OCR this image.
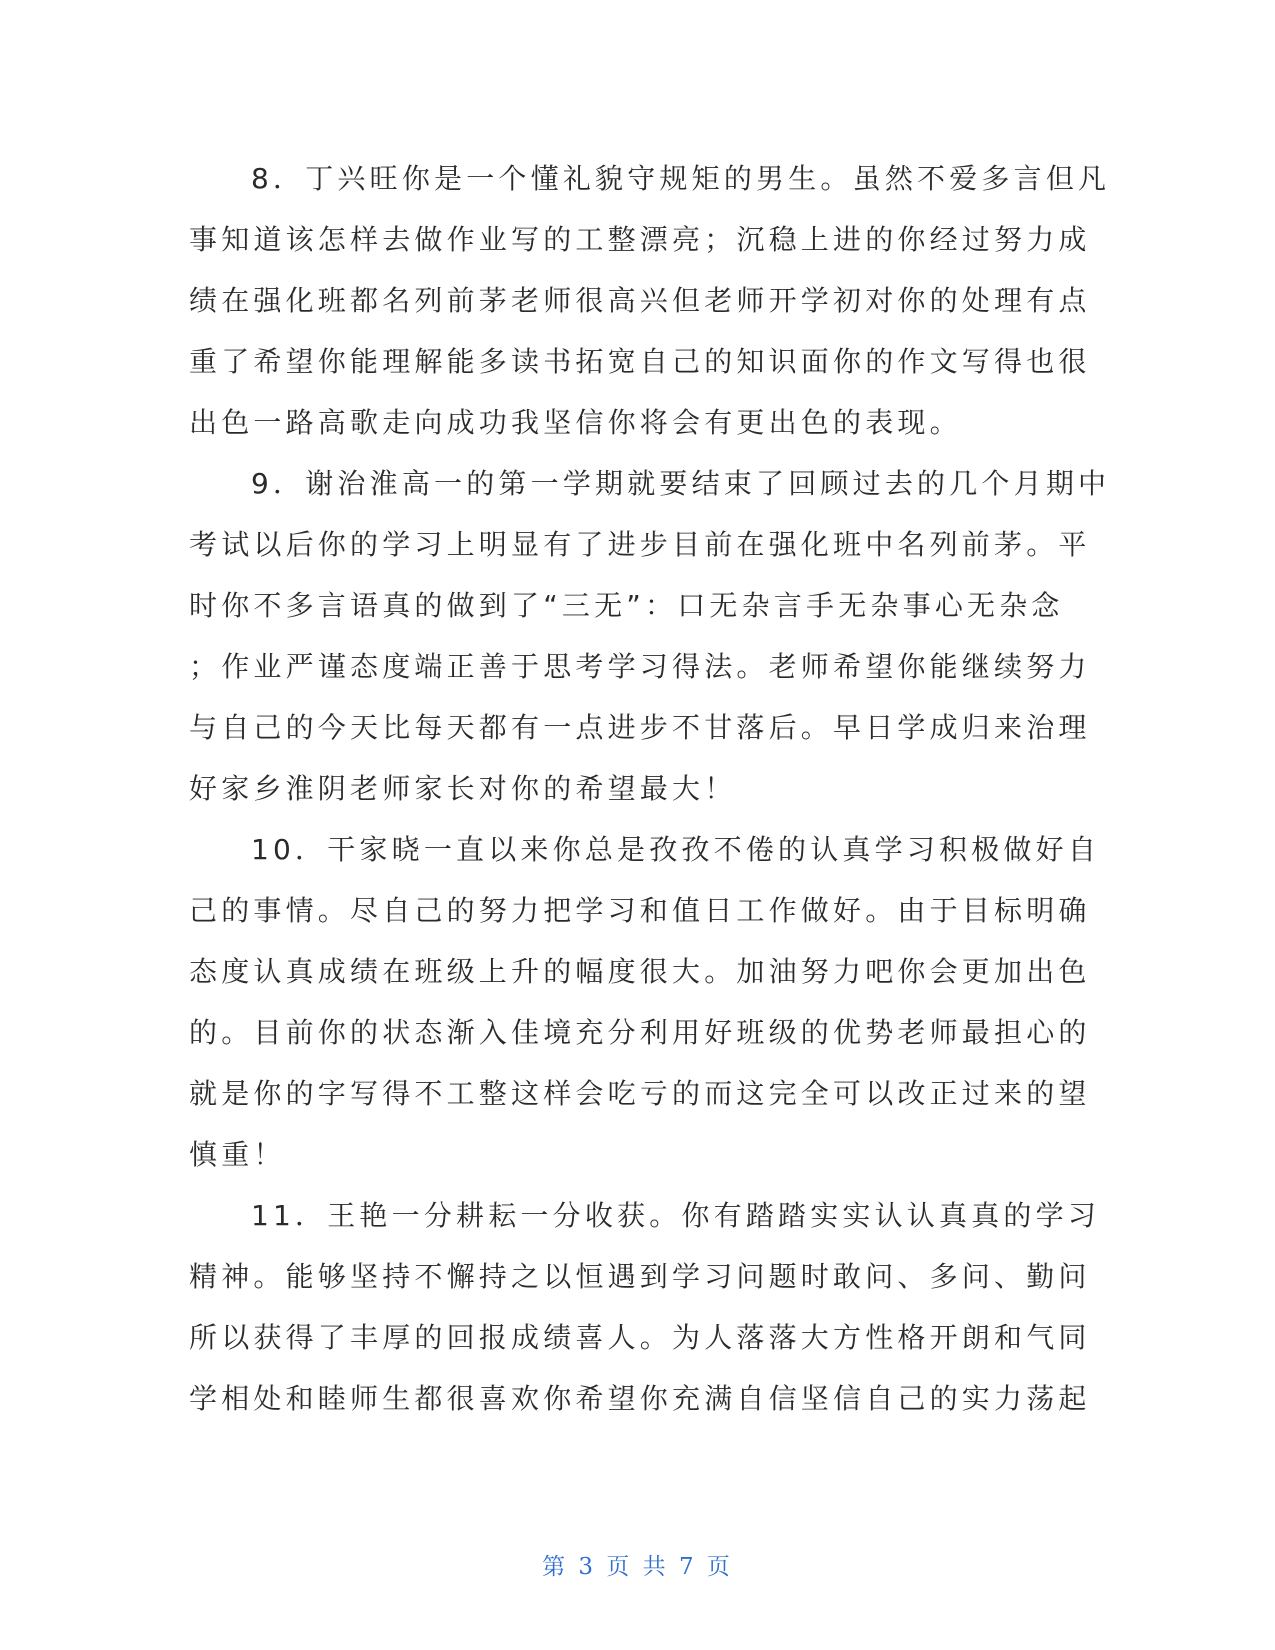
8．丁兴旺你是一个懂礼貌守规矩的男生。虽然不爱多言但凡
事知道该怎样去做作业写的工整漂亮；沉稳上进的你经过努力成
绩在强化班都名列前茅老师很高兴但老师开学初对你的处理有点
重了希望你能理解能多读书拓宽自己的知识面你的作文写得也很
出色一路高歌走向成功我坚信你将会有更出色的表现。
9．谢治淮高一的第一学期就要结束了回顾过去的几个月期中
考试以后你的学习上明显有了进步目前在强化班中名列前茅。平
时你不多言语真的做到了“三无”：口无杂言手无杂事心无杂念
；作业严谨态度端正善于思考学习得法。老师希望你能继续努力
与自己的今天比每天都有一点进步不甘落后。早日学成归来治理
好家乡淮阴老师家长对你的希望最大！
10．干家晓一直以来你总是孜孜不倦的认真学习积极做好自
己的事情。尽自己的努力把学习和值日工作做好。由于目标明确
态度认真成绩在班级上升的幅度很大。加油努力吧你会更加出色
的。目前你的状态渐入佳境充分利用好班级的优势老师最担心的
就是你的字写得不工整这样会吃亏的而这完全可以改正过来的望
慎重！
11．王艳一分耕耘一分收获。你有踏踏实实认认真真的学习
精神。能够坚持不懈持之以恒遇到学习问题时敢问、多问、勤问
所以获得了丰厚的回报成绩喜人。为人落落大方性格开朗和气同
学相处和睦师生都很喜欢你希望你充满自信坚信自己的实力荡起
第 3 页 共 7 页
